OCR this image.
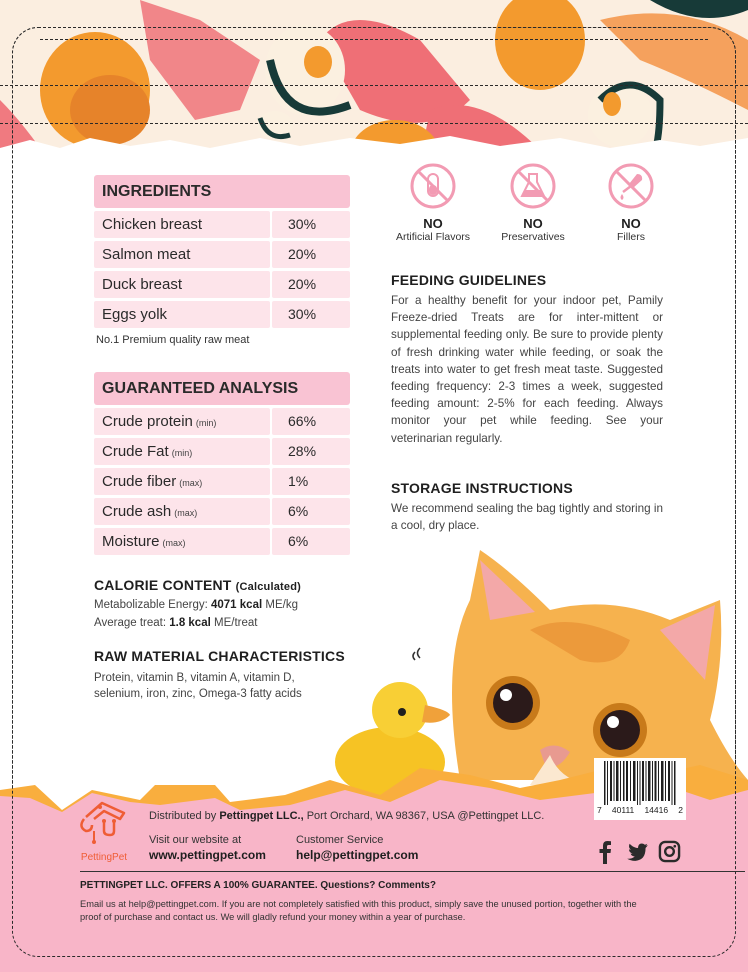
INGREDIENTS
Chicken breast	30%
Salmon meat	20%
Duck breast	20%
Eggs yolk	30%
No.1 Premium quality raw meat
GUARANTEED ANALYSIS
Crude protein (min)	66%
Crude Fat (min)	28%
Crude fiber (max)	1%
Crude ash (max)	6%
Moisture (max)	6%
CALORIE CONTENT (Calculated)
Metabolizable Energy: 4071 kcal ME/kg
Average treat: 1.8 kcal ME/treat
RAW MATERIAL CHARACTERISTICS
Protein, vitamin B, vitamin A, vitamin D,
selenium, iron, zinc, Omega-3 fatty acids
NO
Artificial Flavors
NO
Preservatives
NO
Fillers
FEEDING GUIDELINES
For a healthy benefit for your indoor pet, Pamily Freeze-dried Treats are for inter-mittent or supplemental feeding only. Be sure to provide plenty of fresh drinking water while feeding, or soak the treats into water to get fresh meat taste. Suggested feeding frequency: 2-3 times a week, suggested feeding amount: 2-5% for each feeding. Always monitor your pet while feeding. See your veterinarian regularly.
STORAGE INSTRUCTIONS
We recommend sealing the bag tightly and storing in a cool, dry place.
PettingPet
Distributed by Pettingpet LLC., Port Orchard, WA 98367, USA @Pettingpet LLC.
Visit our website at
www.pettingpet.com
Customer Service
help@pettingpet.com
7 40111 14416 2
PETTINGPET LLC. OFFERS A 100% GUARANTEE. Questions? Comments?
Email us at help@pettingpet.com. If you are not completely satisfied with this product, simply save the unused portion, together with the proof of purchase and contact us. We will gladly refund your money within a year of purchase.
